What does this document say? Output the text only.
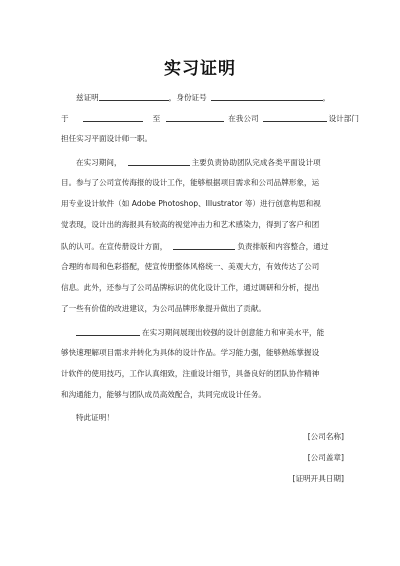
实习证明
兹证明	，身份证号	，
于	至	在我公司	设计部门
担任实习平面设计师一职。
在实习期间，	主要负责协助团队完成各类平面设计项
目。参与了公司宣传海报的设计工作，能够根据项目需求和公司品牌形象，运
用专业设计软件（如 Adobe Photoshop、Illustrator 等）进行创意构思和视
觉表现，设计出的海报具有较高的视觉冲击力和艺术感染力，得到了客户和团
队的认可。在宣传册设计方面，	负责排版和内容整合，通过
合理的布局和色彩搭配，使宣传册整体风格统一、美观大方，有效传达了公司
信息。此外，还参与了公司品牌标识的优化设计工作，通过调研和分析，提出
了一些有价值的改进建议，为公司品牌形象提升做出了贡献。
在实习期间展现出较强的设计创意能力和审美水平，能
够快速理解项目需求并转化为具体的设计作品。学习能力强，能够熟练掌握设
计软件的使用技巧，工作认真细致，注重设计细节，具备良好的团队协作精神
和沟通能力，能够与团队成员高效配合，共同完成设计任务。
特此证明！
[公司名称]
[公司盖章]
[证明开具日期]
